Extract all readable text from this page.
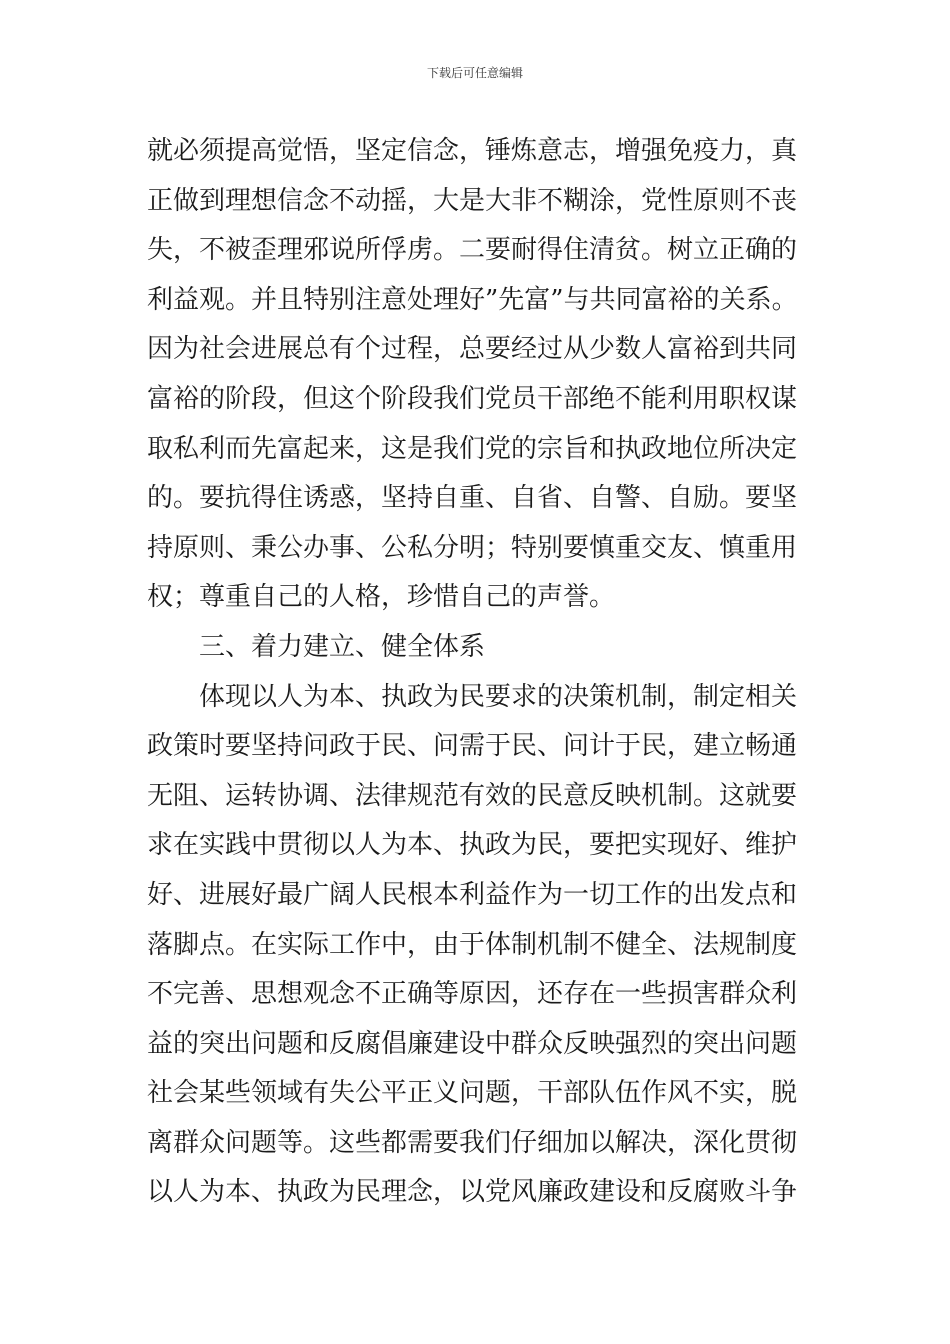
下载后可任意编辑
就必须提高觉悟，坚定信念，锤炼意志，增强免疫力，真
正做到理想信念不动摇，大是大非不糊涂，党性原则不丧
失，不被歪理邪说所俘虏。二要耐得住清贫。树立正确的
利益观。并且特别注意处理好”先富”与共同富裕的关系。
因为社会进展总有个过程，总要经过从少数人富裕到共同
富裕的阶段，但这个阶段我们党员干部绝不能利用职权谋
取私利而先富起来，这是我们党的宗旨和执政地位所决定
的。要抗得住诱惑，坚持自重、自省、自警、自励。要坚
持原则、秉公办事、公私分明；特别要慎重交友、慎重用
权；尊重自己的人格，珍惜自己的声誉。
三、着力建立、健全体系
体现以人为本、执政为民要求的决策机制，制定相关
政策时要坚持问政于民、问需于民、问计于民，建立畅通
无阻、运转协调、法律规范有效的民意反映机制。这就要
求在实践中贯彻以人为本、执政为民，要把实现好、维护
好、进展好最广阔人民根本利益作为一切工作的出发点和
落脚点。在实际工作中，由于体制机制不健全、法规制度
不完善、思想观念不正确等原因，还存在一些损害群众利
益的突出问题和反腐倡廉建设中群众反映强烈的突出问题
社会某些领域有失公平正义问题，干部队伍作风不实，脱
离群众问题等。这些都需要我们仔细加以解决，深化贯彻
以人为本、执政为民理念，以党风廉政建设和反腐败斗争
